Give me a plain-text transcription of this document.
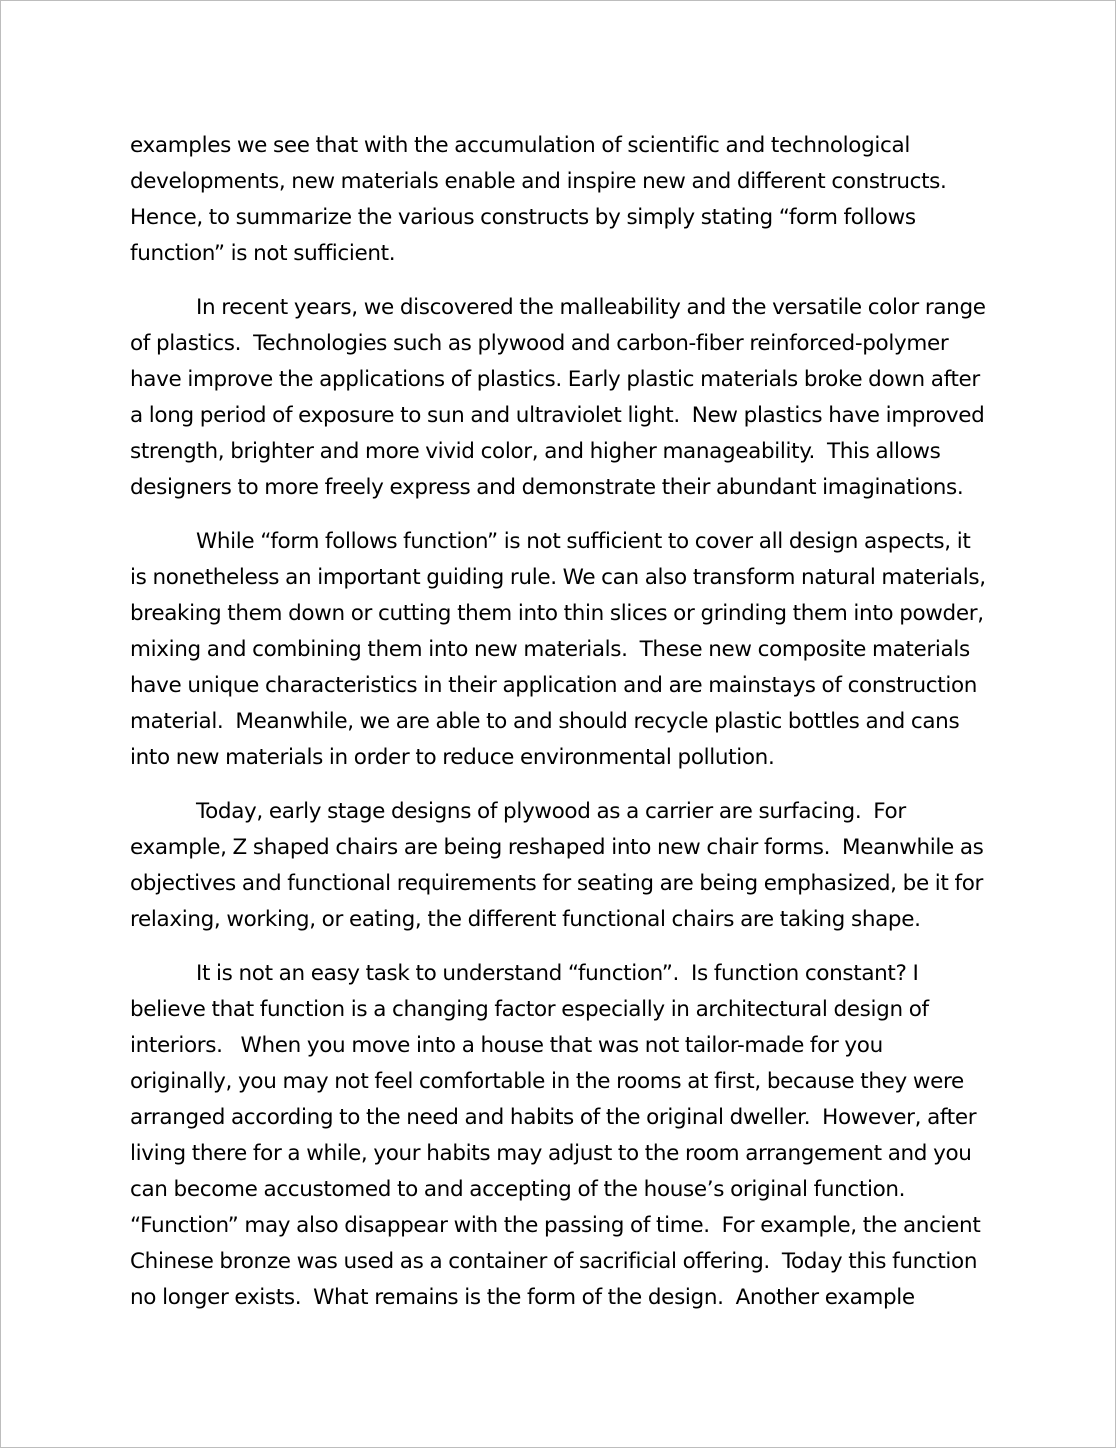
examples we see that with the accumulation of scientific and technological
developments, new materials enable and inspire new and different constructs.
Hence, to summarize the various constructs by simply stating “form follows
function” is not sufficient.
In recent years, we discovered the malleability and the versatile color range
of plastics.  Technologies such as plywood and carbon-fiber reinforced-polymer
have improve the applications of plastics. Early plastic materials broke down after
a long period of exposure to sun and ultraviolet light.  New plastics have improved
strength, brighter and more vivid color, and higher manageability.  This allows
designers to more freely express and demonstrate their abundant imaginations.
While “form follows function” is not sufficient to cover all design aspects, it
is nonetheless an important guiding rule. We can also transform natural materials,
breaking them down or cutting them into thin slices or grinding them into powder,
mixing and combining them into new materials.  These new composite materials
have unique characteristics in their application and are mainstays of construction
material.  Meanwhile, we are able to and should recycle plastic bottles and cans
into new materials in order to reduce environmental pollution.
Today, early stage designs of plywood as a carrier are surfacing.  For
example, Z shaped chairs are being reshaped into new chair forms.  Meanwhile as
objectives and functional requirements for seating are being emphasized, be it for
relaxing, working, or eating, the different functional chairs are taking shape.
It is not an easy task to understand “function”.  Is function constant? I
believe that function is a changing factor especially in architectural design of
interiors.   When you move into a house that was not tailor-made for you
originally, you may not feel comfortable in the rooms at first, because they were
arranged according to the need and habits of the original dweller.  However, after
living there for a while, your habits may adjust to the room arrangement and you
can become accustomed to and accepting of the house’s original function.
“Function” may also disappear with the passing of time.  For example, the ancient
Chinese bronze was used as a container of sacrificial offering.  Today this function
no longer exists.  What remains is the form of the design.  Another example
